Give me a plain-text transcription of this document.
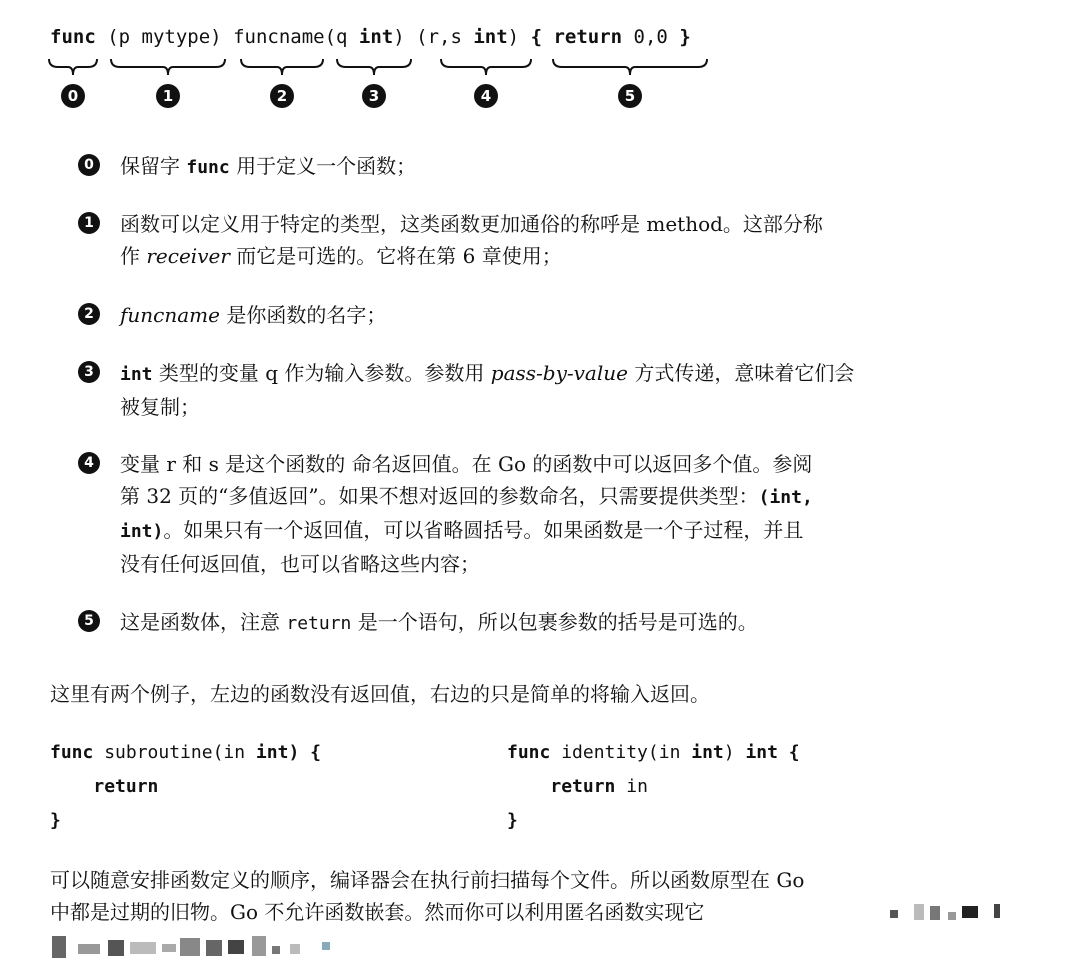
func (p mytype) funcname(q int) (r,s int) { return 0,0 }
0	1	2	3	4	5
0	保留字 func 用于定义一个函数；
1	函数可以定义用于特定的类型，这类函数更加通俗的称呼是 method。这部分称
作 receiver 而它是可选的。它将在第 6 章使用；
2	funcname 是你函数的名字；
3	int 类型的变量 q 作为输入参数。参数用 pass-by-value 方式传递，意味着它们会
被复制；
4	变量 r 和 s 是这个函数的 命名返回值。在 Go 的函数中可以返回多个值。参阅
第 32 页的“多值返回”。如果不想对返回的参数命名，只需要提供类型：(int,
int)。如果只有一个返回值，可以省略圆括号。如果函数是一个子过程，并且
没有任何返回值，也可以省略这些内容；
5	这是函数体，注意 return 是一个语句，所以包裹参数的括号是可选的。
这里有两个例子，左边的函数没有返回值，右边的只是简单的将输入返回。
func subroutine(in int) {
return
}
func identity(in int) int {
return in
}
可以随意安排函数定义的顺序，编译器会在执行前扫描每个文件。所以函数原型在 Go
中都是过期的旧物。Go 不允许函数嵌套。然而你可以利用匿名函数实现它
